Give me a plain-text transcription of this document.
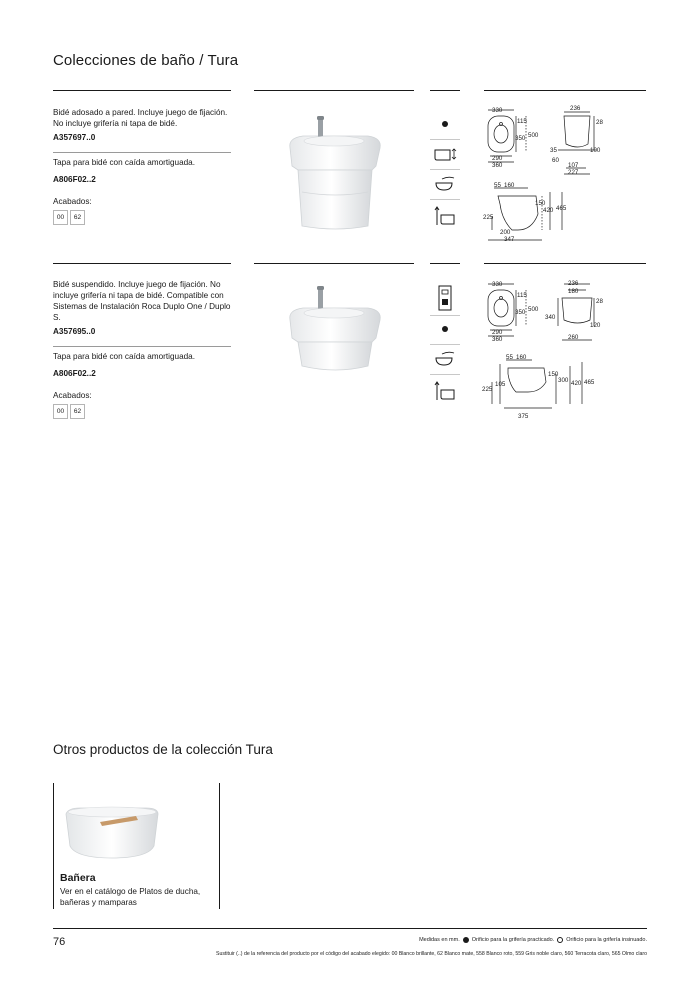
Colecciones de baño / Tura
Bidé adosado a pared. Incluye juego de fijación. No incluye grifería ni tapa de bidé.
A357697..0
Tapa para bidé con caída amortiguada.
A806F02..2
Acabados:
00	62
330
115
350 500
290
360
236
28
35	100
60
107
227
55 160
150
420 465
225
200
347
Bidé suspendido. Incluye juego de fijación. No incluye grifería ni tapa de bidé. Compatible con Sistemas de Instalación Roca Duplo One / Duplo S.
A357695..0
Tapa para bidé con caída amortiguada.
A806F02..2
Acabados:
00	62
330
115
350 500
290
360
236
180
28
340
120
260
55 160
150
300 420 465
225
105
375
Otros productos de la colección Tura
Bañera
Ver en el catálogo de Platos de ducha, bañeras y mamparas
76	Medidas en mm. Orificio para la grifería practicado. Orificio para la grifería insinuado.
Sustituir (..) de la referencia del producto por el código del acabado elegido: 00 Blanco brillante, 62 Blanco mate, 558 Blanco roto, 559 Gris noble claro, 560 Terracota claro, 565 Olmo claro
